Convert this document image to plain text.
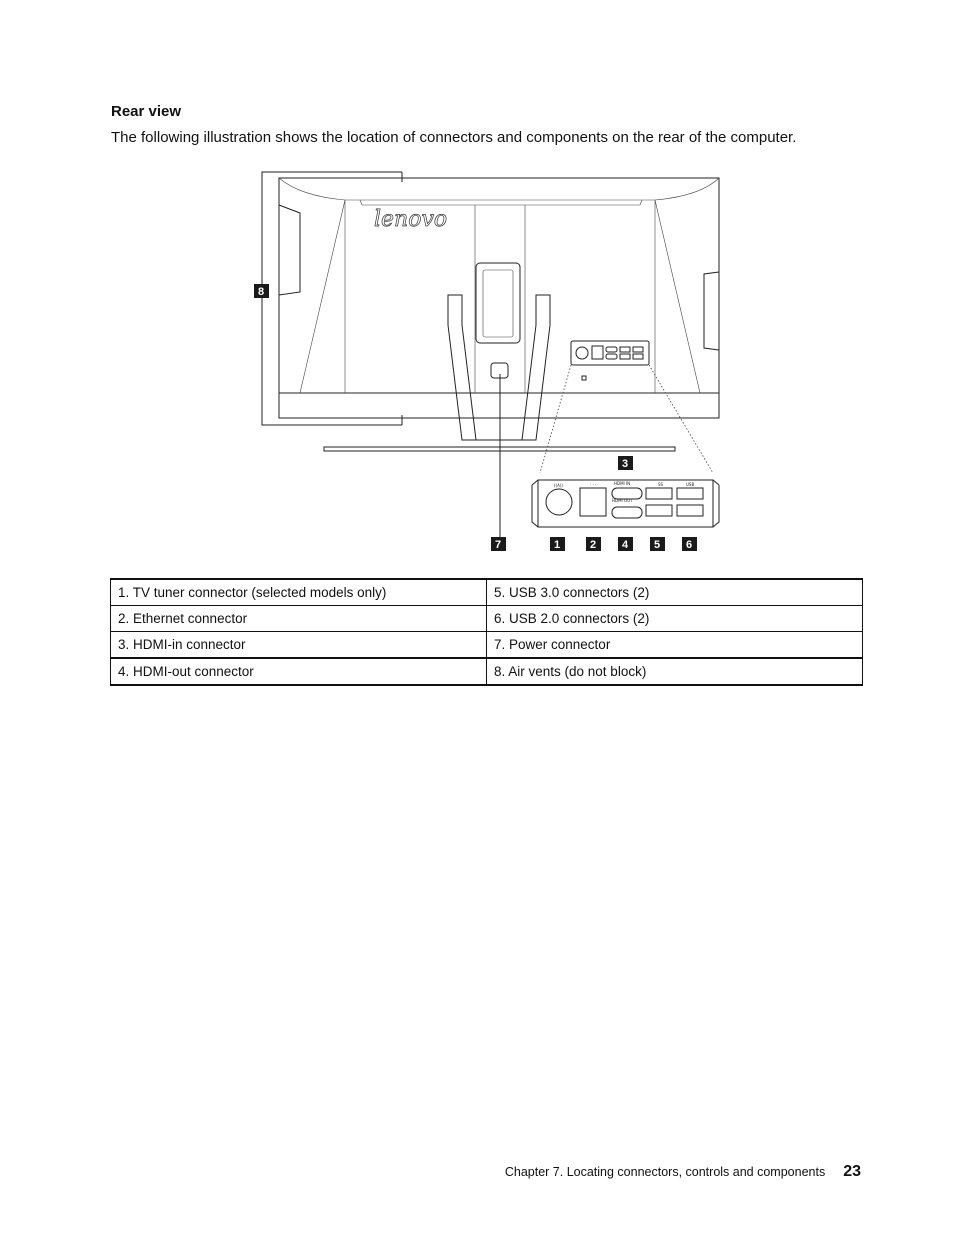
Rear view

The following illustration shows the location of connectors and components on the rear of the computer.

lenovo
((A))	· · ·	HDMI IN
HDMI OUT
SS	USB
8
3
7	1	2 4 5 6
1. TV tuner connector (selected models only)	5. USB 3.0 connectors (2)
2. Ethernet connector	6. USB 2.0 connectors (2)
3. HDMI-in connector	7. Power connector
4. HDMI-out connector	8. Air vents (do not block)
Chapter 7. Locating connectors, controls and components 23
